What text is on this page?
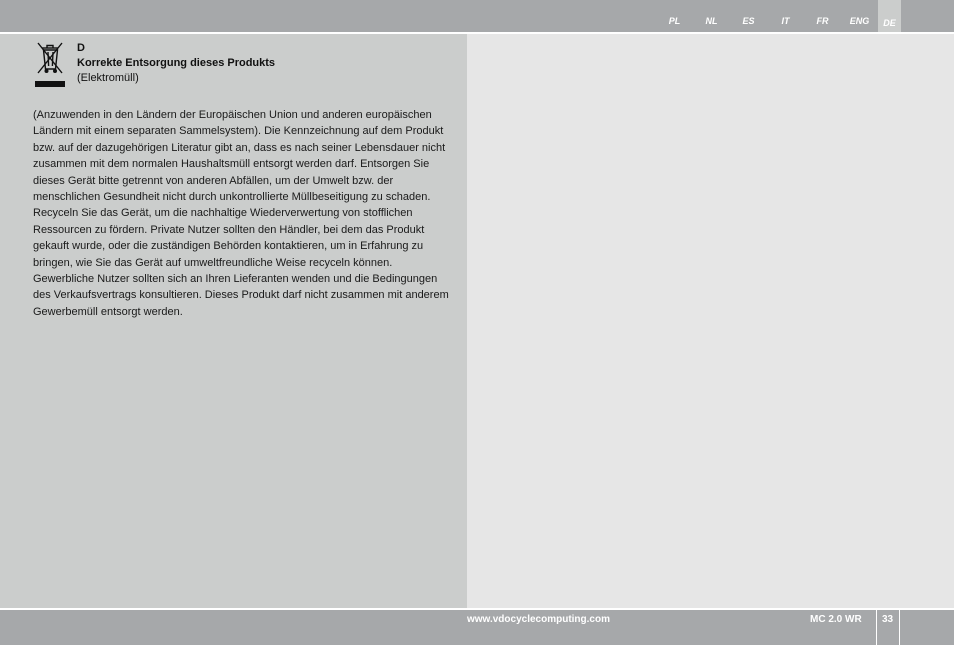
PL	NL	ES	IT	FR	ENG	DE
D
Korrekte Entsorgung dieses Produkts
(Elektromüll)

(Anzuwenden in den Ländern der Europäischen Union und anderen europäischen Ländern mit einem separaten Sammelsystem). Die Kennzeichnung auf dem Produkt bzw. auf der dazugehörigen Literatur gibt an, dass es nach seiner Lebensdauer nicht zusammen mit dem normalen Haushaltsmüll entsorgt werden darf. Entsorgen Sie dieses Gerät bitte getrennt von anderen Abfällen, um der Umwelt bzw. der menschlichen Gesundheit nicht durch unkontrollierte Müllbeseitigung zu schaden. Recyceln Sie das Gerät, um die nachhaltige Wiederverwertung von stofflichen Ressourcen zu fördern. Private Nutzer sollten den Händler, bei dem das Produkt gekauft wurde, oder die zuständigen Behörden kontaktieren, um in Erfahrung zu bringen, wie Sie das Gerät auf umweltfreundliche Weise recyceln können. Gewerbliche Nutzer sollten sich an Ihren Lieferanten wenden und die Bedingungen des Verkaufsvertrags konsultieren. Dieses Produkt darf nicht zusammen mit anderem Gewerbemüll entsorgt werden.

www.vdocyclecomputing.com	MC 2.0 WR 33
